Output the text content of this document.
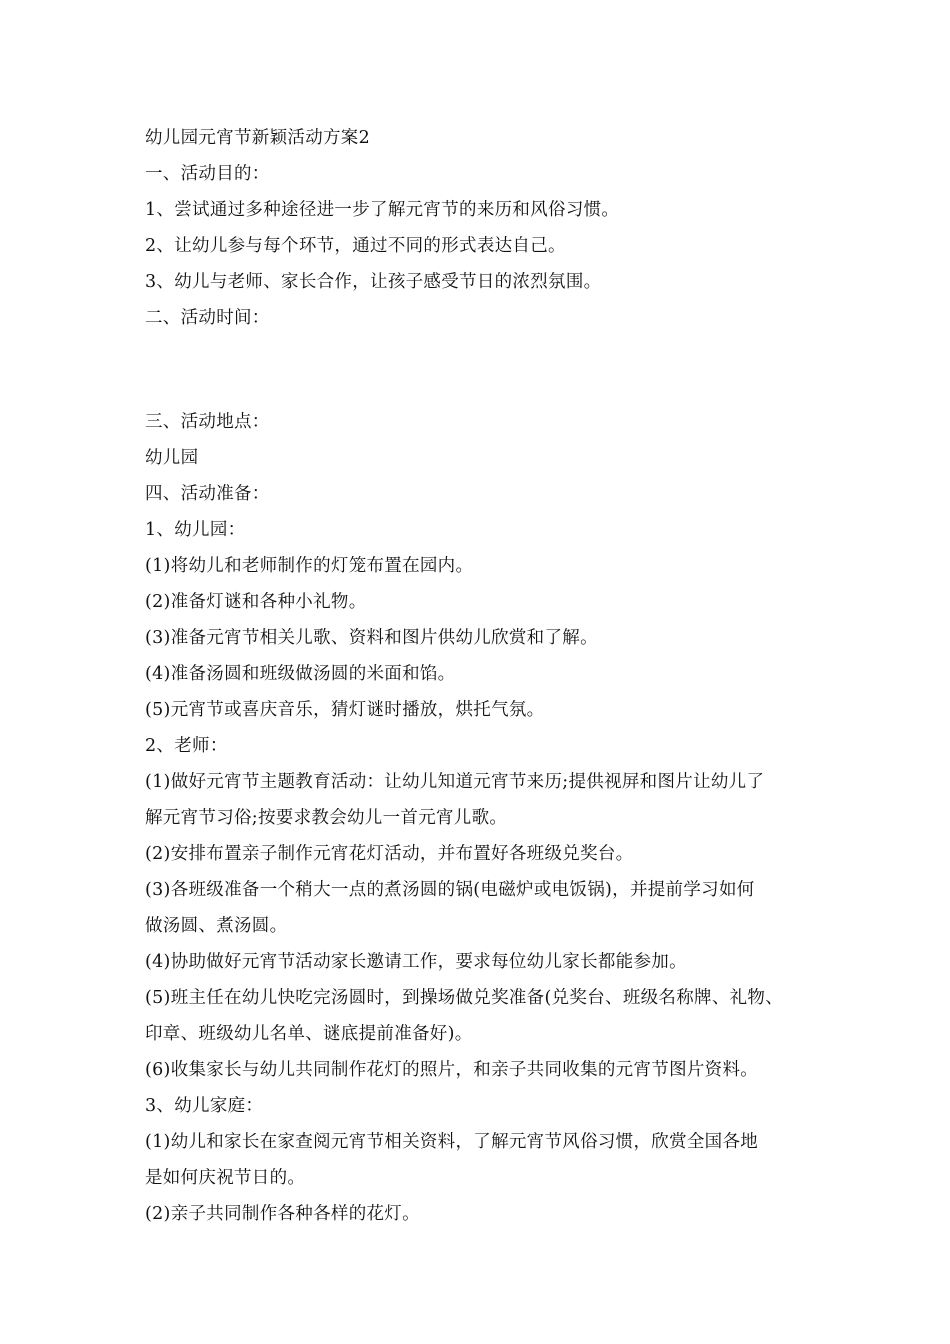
幼儿园元宵节新颖活动方案2
一、活动目的：
1、尝试通过多种途径进一步了解元宵节的来历和风俗习惯。
2、让幼儿参与每个环节，通过不同的形式表达自己。
3、幼儿与老师、家长合作，让孩子感受节日的浓烈氛围。
二、活动时间：
三、活动地点：
幼儿园
四、活动准备：
1、幼儿园：
(1)将幼儿和老师制作的灯笼布置在园内。
(2)准备灯谜和各种小礼物。
(3)准备元宵节相关儿歌、资料和图片供幼儿欣赏和了解。
(4)准备汤圆和班级做汤圆的米面和馅。
(5)元宵节或喜庆音乐，猜灯谜时播放，烘托气氛。
2、老师：
(1)做好元宵节主题教育活动：让幼儿知道元宵节来历;提供视屏和图片让幼儿了
解元宵节习俗;按要求教会幼儿一首元宵儿歌。
(2)安排布置亲子制作元宵花灯活动，并布置好各班级兑奖台。
(3)各班级准备一个稍大一点的煮汤圆的锅(电磁炉或电饭锅)，并提前学习如何
做汤圆、煮汤圆。
(4)协助做好元宵节活动家长邀请工作，要求每位幼儿家长都能参加。
(5)班主任在幼儿快吃完汤圆时，到操场做兑奖准备(兑奖台、班级名称牌、礼物、
印章、班级幼儿名单、谜底提前准备好)。
(6)收集家长与幼儿共同制作花灯的照片，和亲子共同收集的元宵节图片资料。
3、幼儿家庭：
(1)幼儿和家长在家查阅元宵节相关资料，了解元宵节风俗习惯，欣赏全国各地
是如何庆祝节日的。
(2)亲子共同制作各种各样的花灯。
